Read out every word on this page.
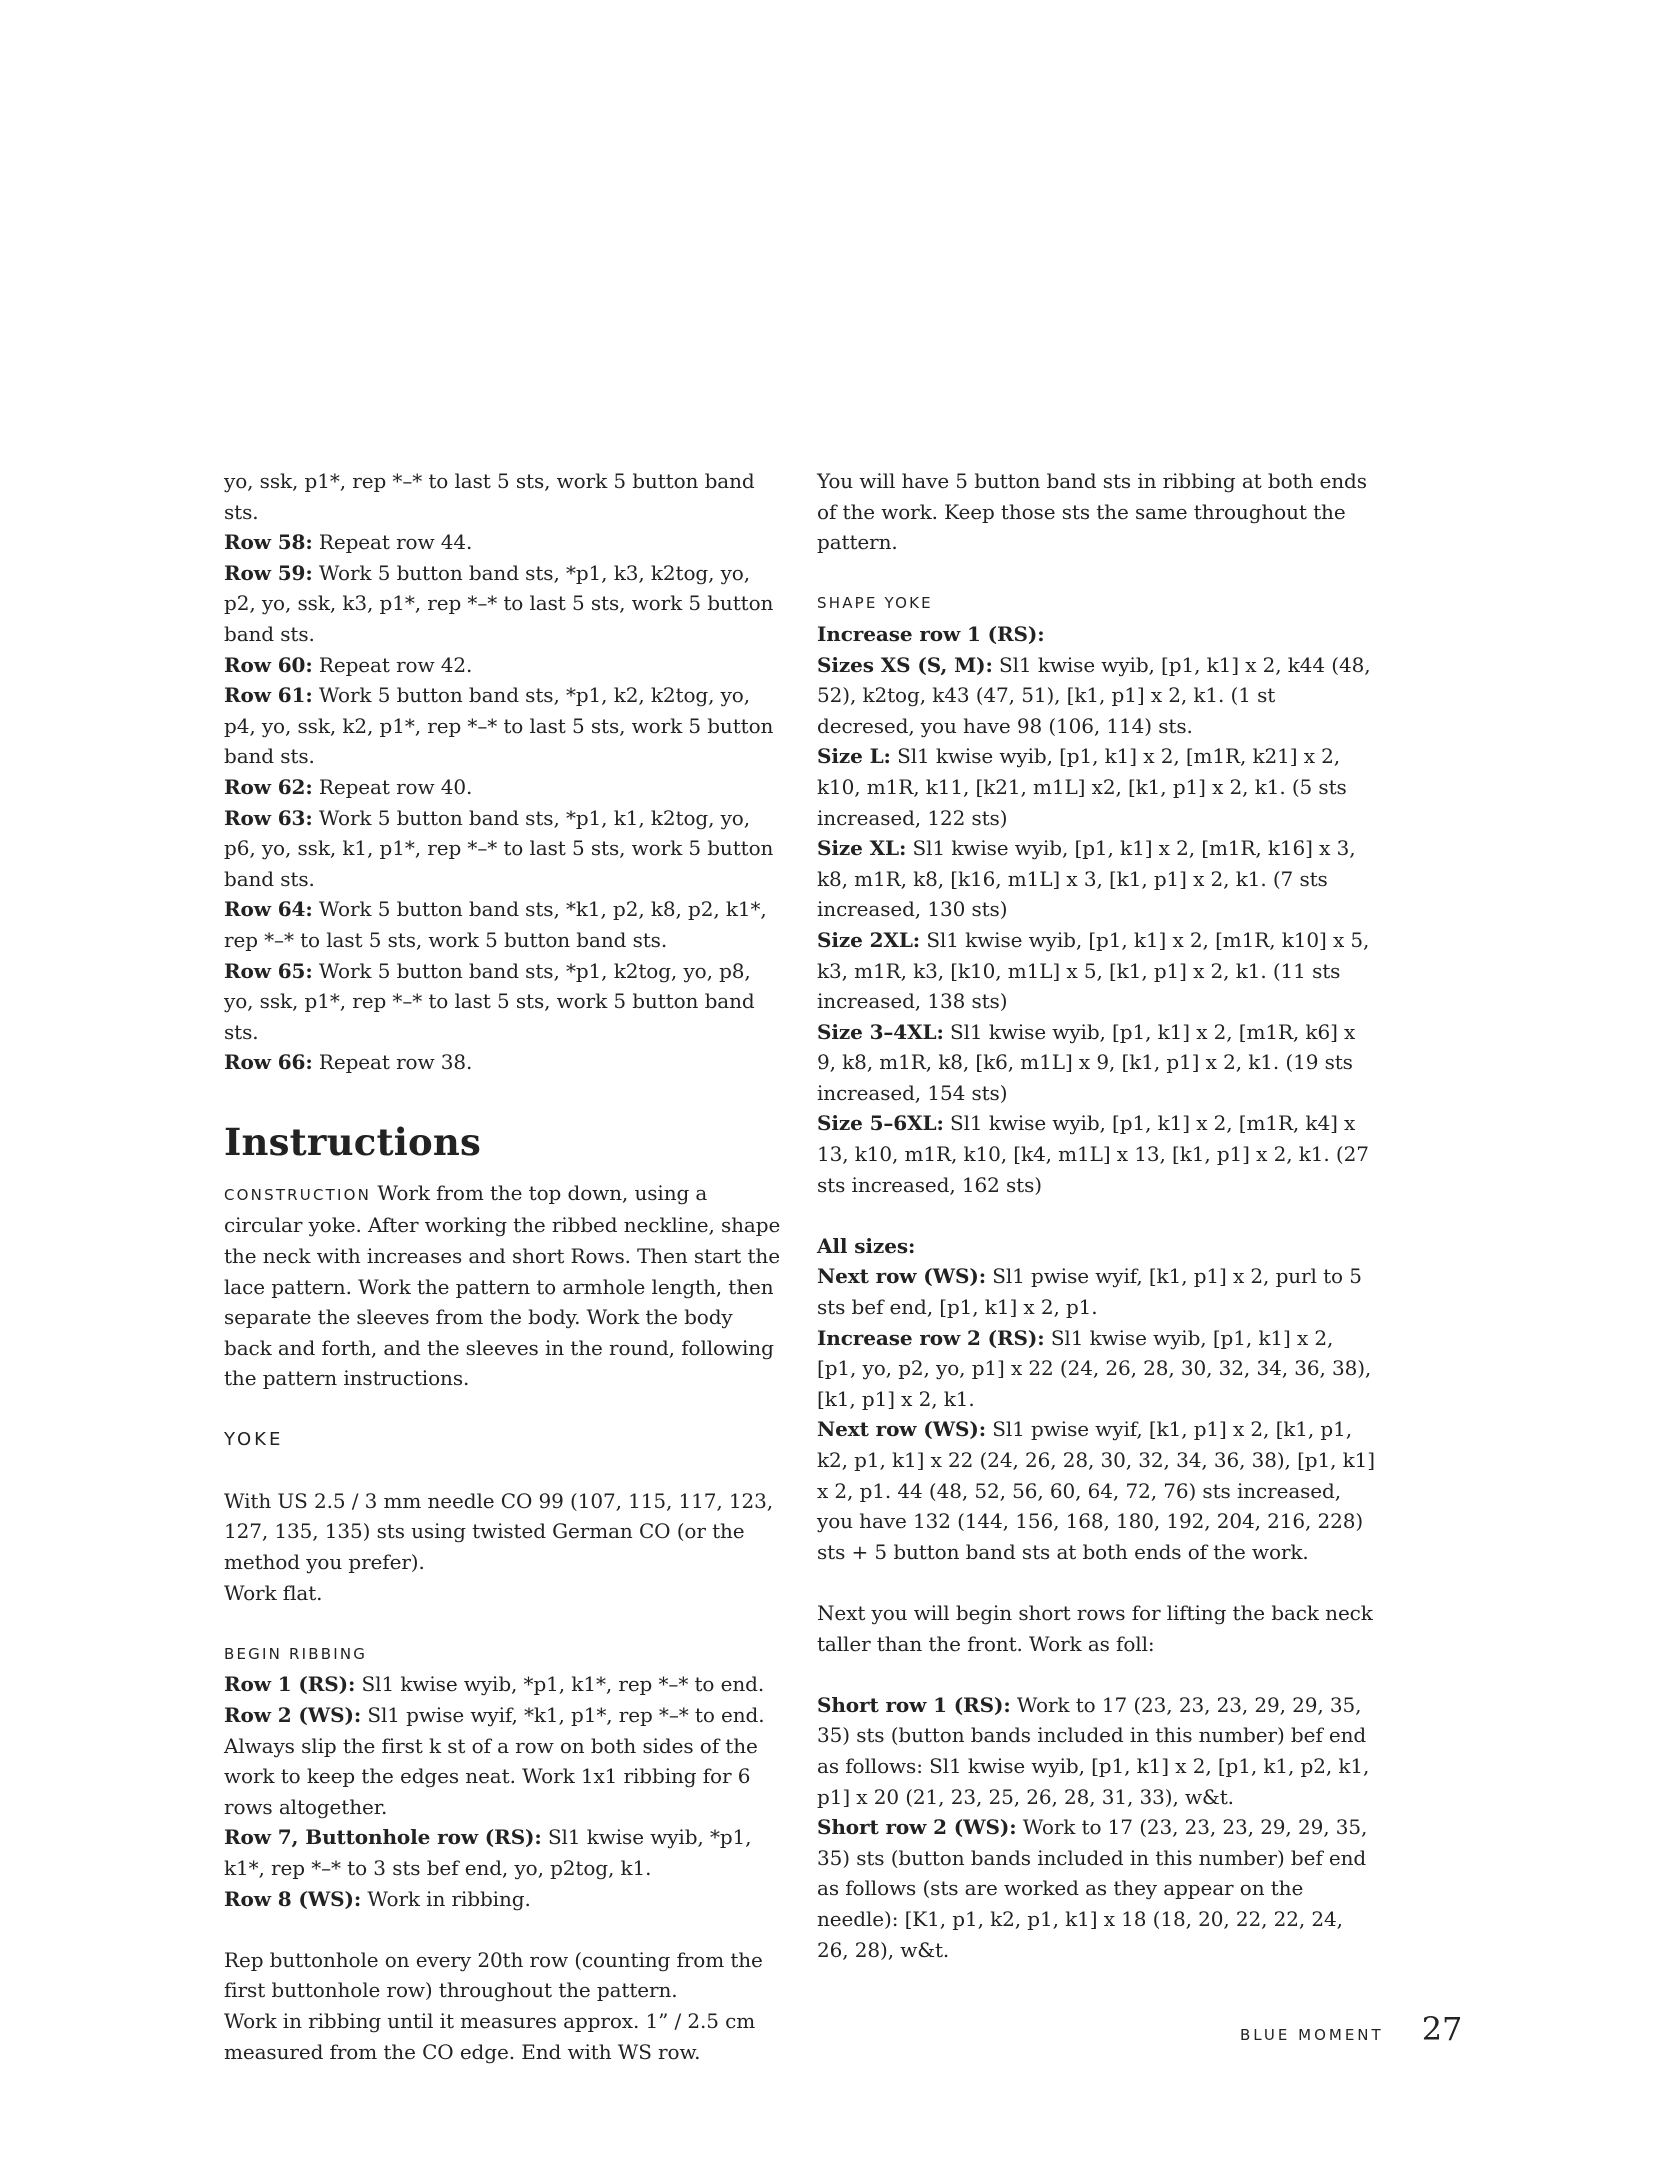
yo, ssk, p1*, rep *–* to last 5 sts, work 5 button band sts.

Row 58: Repeat row 44.

Row 59: Work 5 button band sts, *p1, k3, k2tog, yo, p2, yo, ssk, k3, p1*, rep *–* to last 5 sts, work 5 button band sts.

Row 60: Repeat row 42.

Row 61: Work 5 button band sts, *p1, k2, k2tog, yo, p4, yo, ssk, k2, p1*, rep *–* to last 5 sts, work 5 button band sts.

Row 62: Repeat row 40.

Row 63: Work 5 button band sts, *p1, k1, k2tog, yo, p6, yo, ssk, k1, p1*, rep *–* to last 5 sts, work 5 button band sts.

Row 64: Work 5 button band sts, *k1, p2, k8, p2, k1*, rep *–* to last 5 sts, work 5 button band sts.

Row 65: Work 5 button band sts, *p1, k2tog, yo, p8, yo, ssk, p1*, rep *–* to last 5 sts, work 5 button band sts.

Row 66: Repeat row 38.

Instructions

CONSTRUCTION Work from the top down, using a circular yoke. After working the ribbed neckline, shape the neck with increases and short Rows. Then start the lace pattern. Work the pattern to armhole length, then separate the sleeves from the body. Work the body back and forth, and the sleeves in the round, following the pattern instructions.

YOKE

With US 2.5 / 3 mm needle CO 99 (107, 115, 117, 123, 127, 135, 135) sts using twisted German CO (or the method you prefer).

Work flat.

BEGIN RIBBING

Row 1 (RS): Sl1 kwise wyib, *p1, k1*, rep *–* to end.

Row 2 (WS): Sl1 pwise wyif, *k1, p1*, rep *–* to end.

Always slip the first k st of a row on both sides of the work to keep the edges neat. Work 1x1 ribbing for 6 rows altogether.

Row 7, Buttonhole row (RS): Sl1 kwise wyib, *p1, k1*, rep *–* to 3 sts bef end, yo, p2tog, k1.

Row 8 (WS): Work in ribbing.

Rep buttonhole on every 20th row (counting from the first buttonhole row) throughout the pattern.

Work in ribbing until it measures approx. 1” / 2.5 cm measured from the CO edge. End with WS row.

You will have 5 button band sts in ribbing at both ends of the work. Keep those sts the same throughout the pattern.

SHAPE YOKE

Increase row 1 (RS):

Sizes XS (S, M): Sl1 kwise wyib, [p1, k1] x 2, k44 (48, 52), k2tog, k43 (47, 51), [k1, p1] x 2, k1. (1 st decresed, you have 98 (106, 114) sts.

Size L: Sl1 kwise wyib, [p1, k1] x 2, [m1R, k21] x 2, k10, m1R, k11, [k21, m1L] x2, [k1, p1] x 2, k1. (5 sts increased, 122 sts)

Size XL: Sl1 kwise wyib, [p1, k1] x 2, [m1R, k16] x 3, k8, m1R, k8, [k16, m1L] x 3, [k1, p1] x 2, k1. (7 sts increased, 130 sts)

Size 2XL: Sl1 kwise wyib, [p1, k1] x 2, [m1R, k10] x 5, k3, m1R, k3, [k10, m1L] x 5, [k1, p1] x 2, k1. (11 sts increased, 138 sts)

Size 3–4XL: Sl1 kwise wyib, [p1, k1] x 2, [m1R, k6] x 9, k8, m1R, k8, [k6, m1L] x 9, [k1, p1] x 2, k1. (19 sts increased, 154 sts)

Size 5–6XL: Sl1 kwise wyib, [p1, k1] x 2, [m1R, k4] x 13, k10, m1R, k10, [k4, m1L] x 13, [k1, p1] x 2, k1. (27 sts increased, 162 sts)

All sizes:

Next row (WS): Sl1 pwise wyif, [k1, p1] x 2, purl to 5 sts bef end, [p1, k1] x 2, p1.

Increase row 2 (RS): Sl1 kwise wyib, [p1, k1] x 2, [p1, yo, p2, yo, p1] x 22 (24, 26, 28, 30, 32, 34, 36, 38), [k1, p1] x 2, k1.

Next row (WS): Sl1 pwise wyif, [k1, p1] x 2, [k1, p1, k2, p1, k1] x 22 (24, 26, 28, 30, 32, 34, 36, 38), [p1, k1] x 2, p1. 44 (48, 52, 56, 60, 64, 72, 76) sts increased, you have 132 (144, 156, 168, 180, 192, 204, 216, 228) sts + 5 button band sts at both ends of the work.

Next you will begin short rows for lifting the back neck taller than the front. Work as foll:

Short row 1 (RS): Work to 17 (23, 23, 23, 29, 29, 35, 35) sts (button bands included in this number) bef end as follows: Sl1 kwise wyib, [p1, k1] x 2, [p1, k1, p2, k1, p1] x 20 (21, 23, 25, 26, 28, 31, 33), w&t.

Short row 2 (WS): Work to 17 (23, 23, 23, 29, 29, 35, 35) sts (button bands included in this number) bef end as follows (sts are worked as they appear on the needle): [K1, p1, k2, p1, k1] x 18 (18, 20, 22, 22, 24, 26, 28), w&t.

BLUE MOMENT 27
